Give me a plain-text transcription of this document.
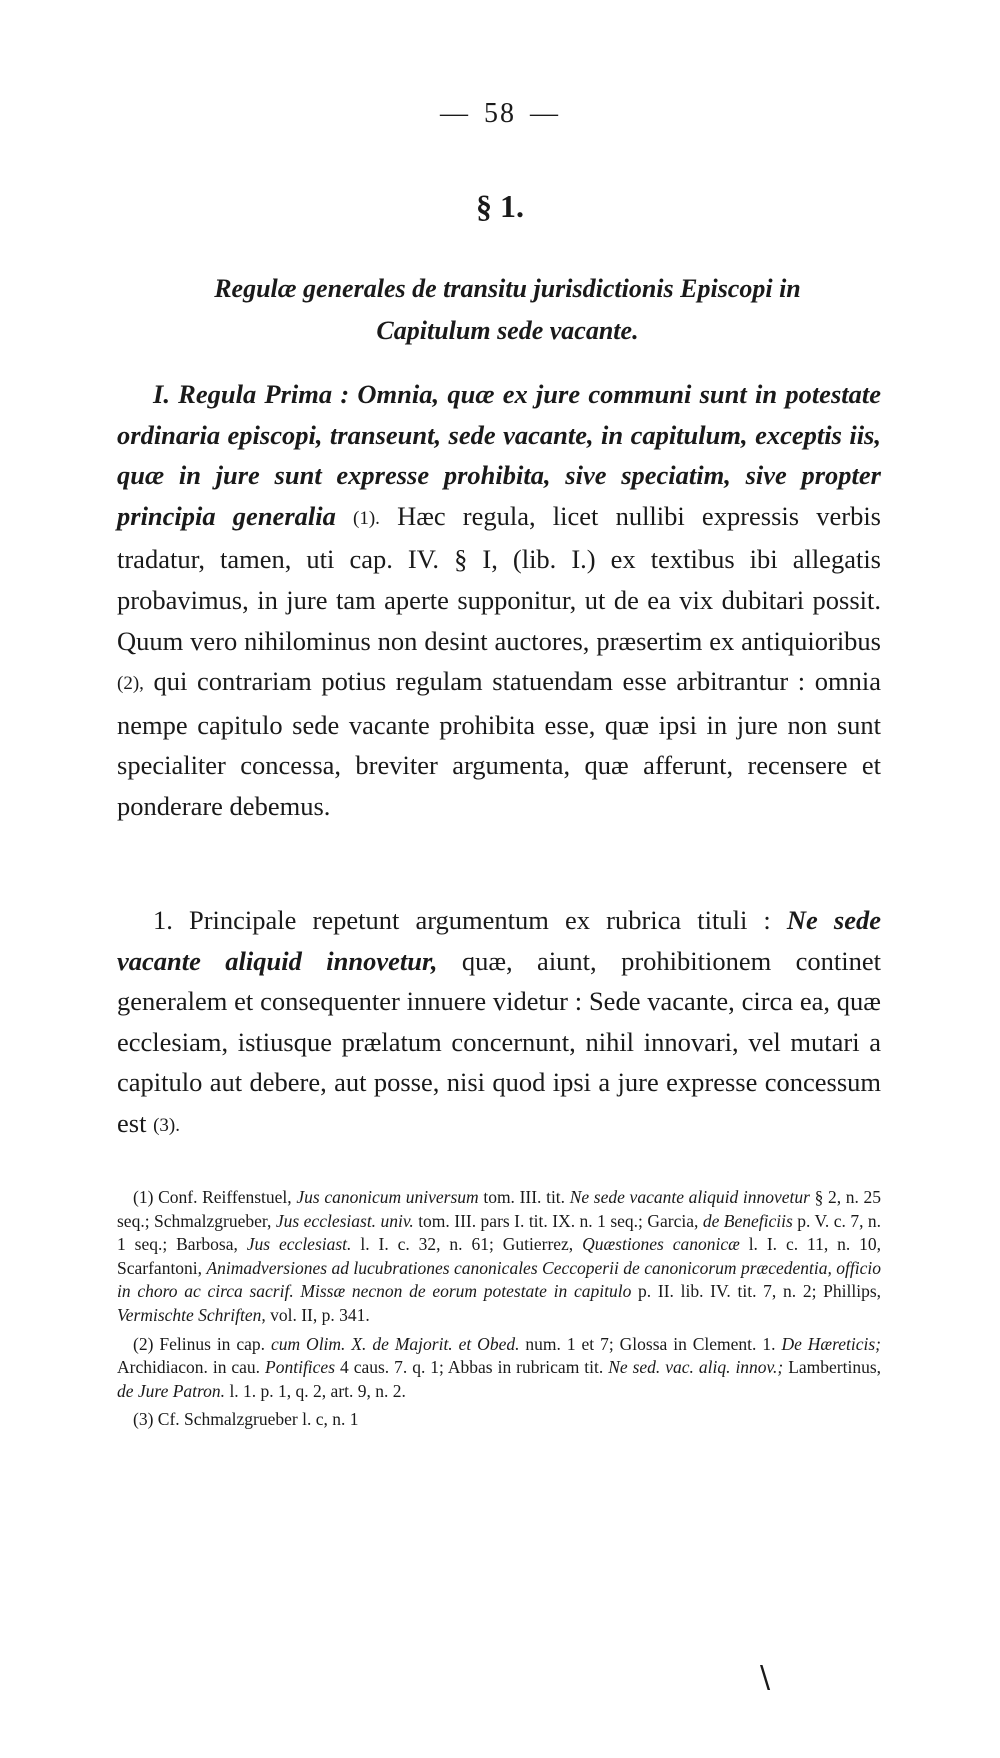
— 58 —
§ 1.
Regulæ generales de transitu jurisdictionis Episcopi in
Capitulum sede vacante.
I. Regula Prima : Omnia, quæ ex jure communi sunt in potestate ordinaria episcopi, transeunt, sede vacante, in capitulum, exceptis iis, quæ in jure sunt expresse prohibita, sive speciatim, sive propter principia generalia (1). Hæc regula, licet nullibi expressis verbis tradatur, tamen, uti cap. IV. § I, (lib. I.) ex textibus ibi allegatis probavimus, in jure tam aperte supponitur, ut de ea vix dubitari possit. Quum vero nihilominus non desint auctores, præsertim ex antiquioribus (2), qui contrariam potius regulam statuendam esse arbitrantur : omnia nempe capitulo sede vacante prohibita esse, quæ ipsi in jure non sunt specialiter concessa, breviter argumenta, quæ afferunt, recensere et ponderare debemus.
1. Principale repetunt argumentum ex rubrica tituli : Ne sede vacante aliquid innovetur, quæ, aiunt, prohibitionem continet generalem et consequenter innuere videtur : Sede vacante, circa ea, quæ ecclesiam, istiusque prælatum concernunt, nihil innovari, vel mutari a capitulo aut debere, aut posse, nisi quod ipsi a jure expresse concessum est (3).

(1) Conf. Reiffenstuel, Jus canonicum universum tom. III. tit. Ne sede vacante aliquid innovetur § 2, n. 25 seq.; Schmalzgrueber, Jus ecclesiast. univ. tom. III. pars I. tit. IX. n. 1 seq.; Garcia, de Beneficiis p. V. c. 7, n. 1 seq.; Barbosa, Jus ecclesiast. l. I. c. 32, n. 61; Gutierrez, Quæstiones canonicæ l. I. c. 11, n. 10, Scarfantoni, Animadversiones ad lucubrationes canonicales Ceccoperii de canonicorum præcedentia, officio in choro ac circa sacrif. Missæ necnon de eorum potestate in capitulo p. II. lib. IV. tit. 7, n. 2; Phillips, Vermischte Schriften, vol. II, p. 341.

(2) Felinus in cap. cum Olim. X. de Majorit. et Obed. num. 1 et 7; Glossa in Clement. 1. De Hæreticis; Archidiacon. in cau. Pontifices 4 caus. 7. q. 1; Abbas in rubricam tit. Ne sed. vac. aliq. innov.; Lambertinus, de Jure Patron. l. 1. p. 1, q. 2, art. 9, n. 2.

(3) Cf. Schmalzgrueber l. c, n. 1

\
